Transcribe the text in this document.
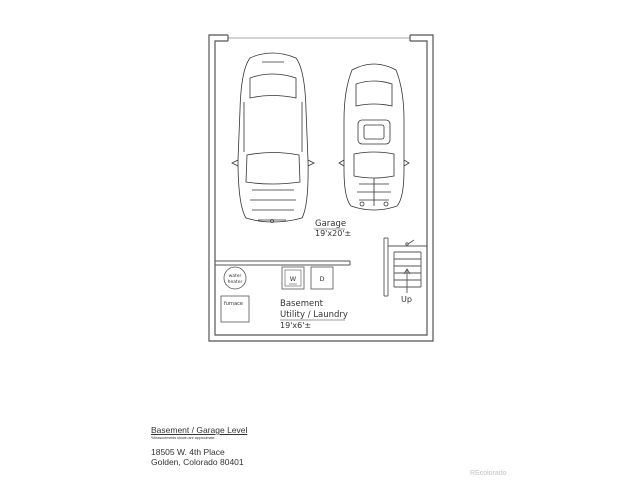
Up
Garage
19'x20'±
water
heater
furnace
W	D
Basement
Utility / Laundry
19'x6'±

Basement / Garage Level

*Measurements shown are approximate

18505 W. 4th Place

Golden, Colorado 80401

REcolorado
